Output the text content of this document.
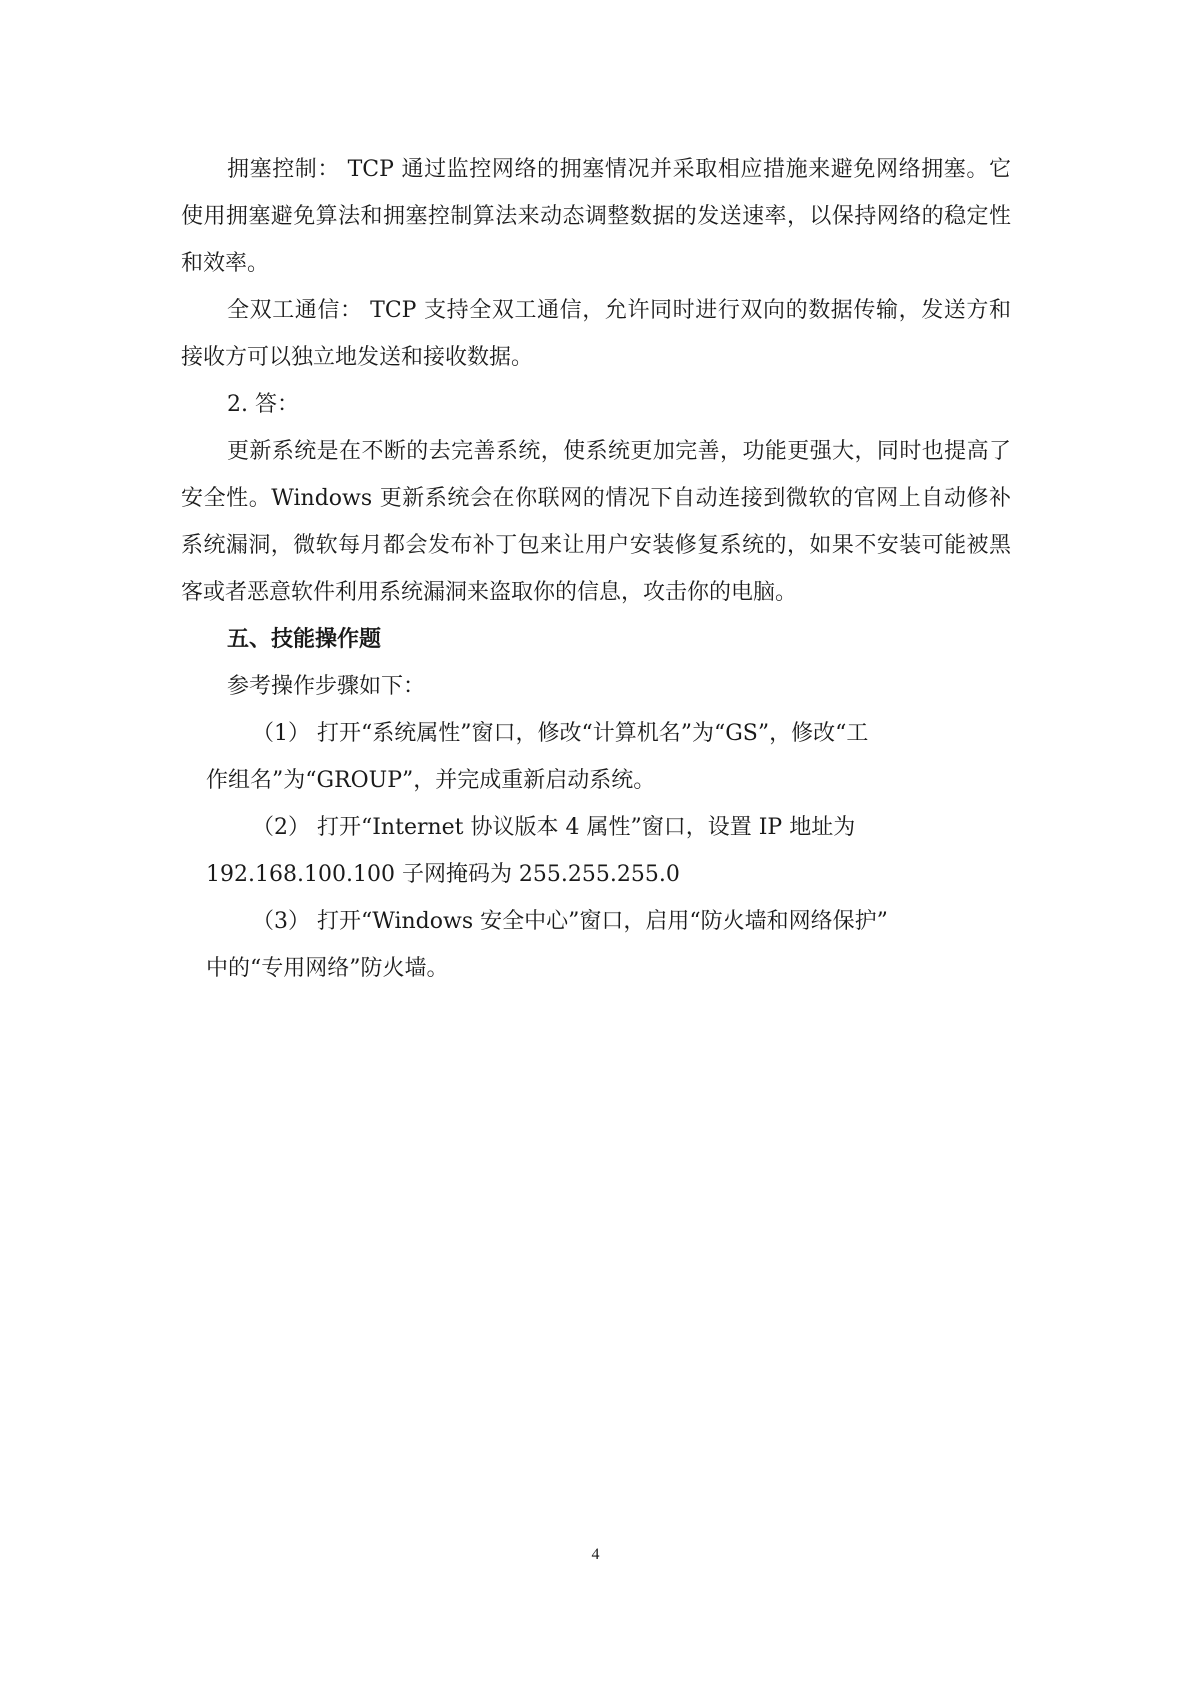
拥塞控制： TCP 通过监控网络的拥塞情况并采取相应措施来避免网络拥塞。它使用拥塞避免算法和拥塞控制算法来动态调整数据的发送速率，以保持网络的稳定性和效率。

全双工通信： TCP 支持全双工通信，允许同时进行双向的数据传输，发送方和接收方可以独立地发送和接收数据。

2. 答：

更新系统是在不断的去完善系统，使系统更加完善，功能更强大，同时也提高了安全性。Windows 更新系统会在你联网的情况下自动连接到微软的官网上自动修补系统漏洞，微软每月都会发布补丁包来让用户安装修复系统的，如果不安装可能被黑客或者恶意软件利用系统漏洞来盗取你的信息，攻击你的电脑。

五、技能操作题

参考操作步骤如下：

（1） 打开“系统属性”窗口，修改“计算机名”为“GS”，修改“工
作组名”为“GROUP”，并完成重新启动系统。
（2） 打开“Internet 协议版本 4 属性”窗口，设置 IP 地址为
192.168.100.100 子网掩码为 255.255.255.0
（3） 打开“Windows 安全中心”窗口，启用“防火墙和网络保护”
中的“专用网络”防火墙。
4
